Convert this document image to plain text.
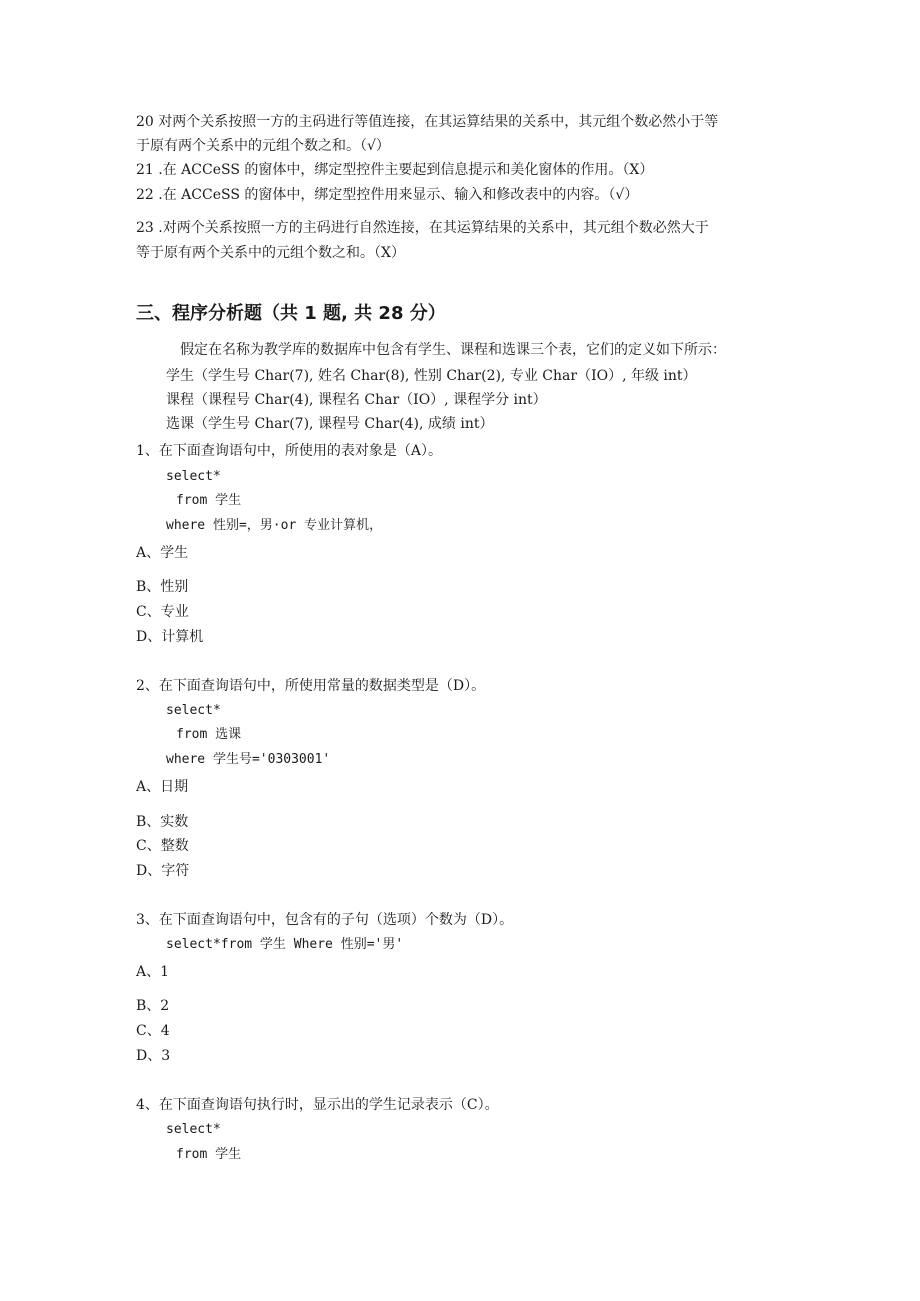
20 对两个关系按照一方的主码进行等值连接，在其运算结果的关系中，其元组个数必然小于等
于原有两个关系中的元组个数之和。（√）
21 .在 ACCeSS 的窗体中，绑定型控件主要起到信息提示和美化窗体的作用。（X）
22 .在 ACCeSS 的窗体中，绑定型控件用来显示、输入和修改表中的内容。（√）
23 .对两个关系按照一方的主码进行自然连接，在其运算结果的关系中，其元组个数必然大于
等于原有两个关系中的元组个数之和。（X）
三、程序分析题（共 1 题, 共 28 分）
假定在名称为教学库的数据库中包含有学生、课程和选课三个表，它们的定义如下所示：
学生（学生号 Char(7), 姓名 Char(8), 性别 Char(2), 专业 Char（IO）, 年级 int）
课程（课程号 Char(4), 课程名 Char（IO）, 课程学分 int）
选课（学生号 Char(7), 课程号 Char(4), 成绩 int）
1、在下面查询语句中，所使用的表对象是（A）。
select*
from 学生
where 性别=，男·or 专业计算机，
A、学生
B、性别
C、专业
D、计算机
2、在下面查询语句中，所使用常量的数据类型是（D）。
select*
from 选课
where 学生号='0303001'
A、日期
B、实数
C、整数
D、字符
3、在下面查询语句中，包含有的子句（选项）个数为（D）。
select*from 学生 Where 性别='男'
A、1
B、2
C、4
D、3
4、在下面查询语句执行时，显示出的学生记录表示（C）。
select*
from 学生
